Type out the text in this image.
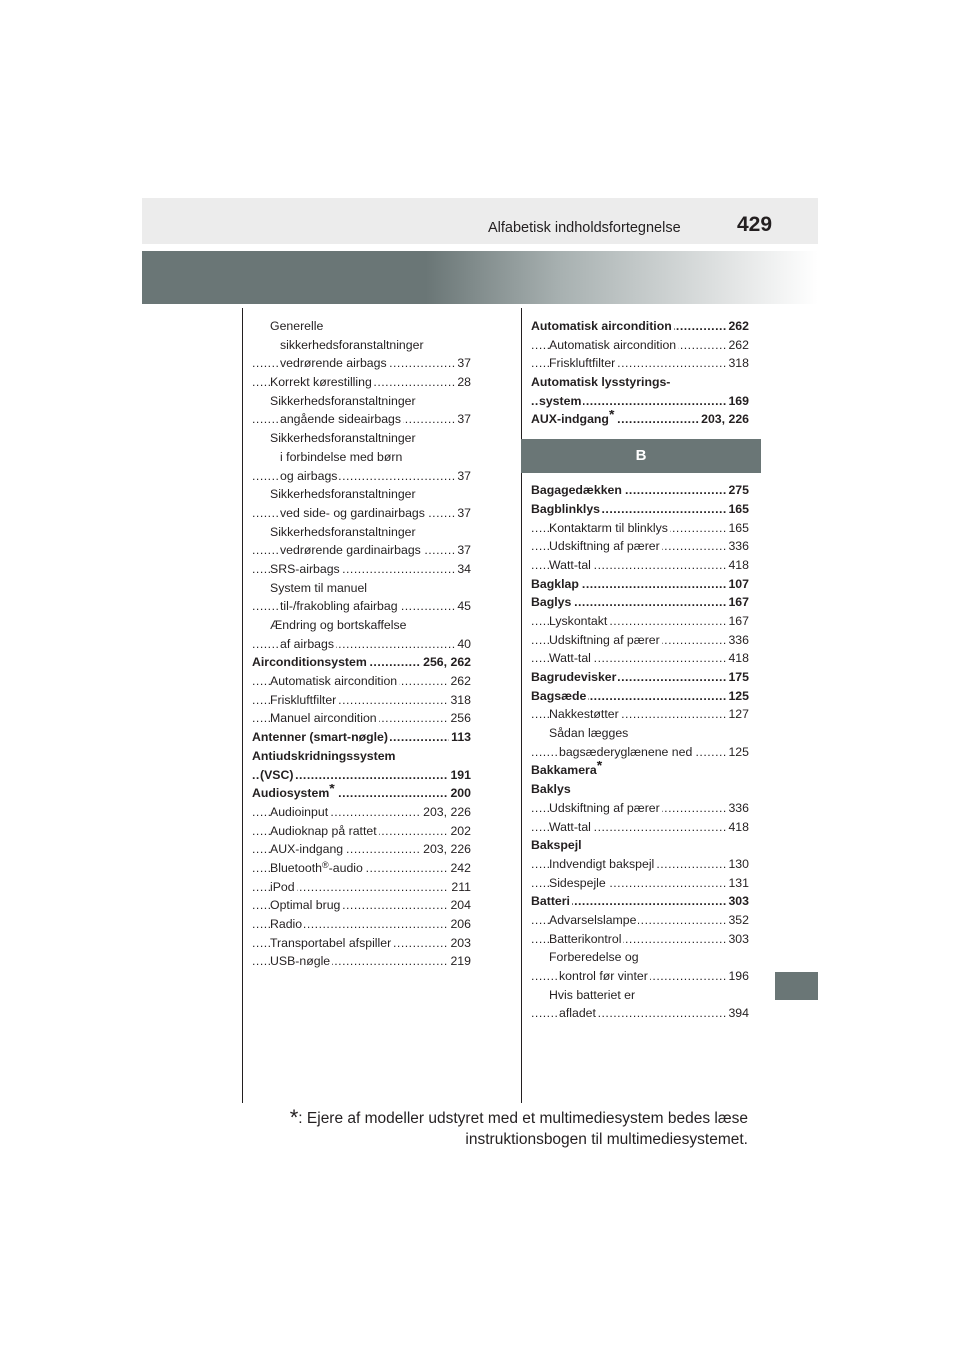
Alfabetisk indholdsfortegnelse	429
Generelle
sikkerhedsforanstaltninger
vedrørende airbags	37
.....
Korrekt kørestilling	28
.....
Sikkerhedsforanstaltninger
angående sideairbags	37
.....
Sikkerhedsforanstaltninger
i forbindelse med børn
og airbags	37
.....
Sikkerhedsforanstaltninger
ved side- og gardinairbags	37
.....
Sikkerhedsforanstaltninger
vedrørende gardinairbags	37
.....
SRS-airbags	34
.....
System til manuel
til-/frakobling afairbag	45
.....
Ændring og bortskaffelse
af airbags	40
.....
Airconditionsystem	256, 262
.....
Automatisk aircondition	262
.....
Friskluftfilter	318
.....
Manuel aircondition	256
.....
Antenner (smart-nøgle)	113
.....
Antiudskridningssystem
(VSC)	191
.....
Audiosystem*	200
.....
Audioinput	203, 226
.....
Audioknap på rattet	202
.....
AUX-indgang	203, 226
.....
Bluetooth®-audio	242
.....
iPod	211
.....
Optimal brug	204
.....
Radio	206
.....
Transportabel afspiller	203
.....
USB-nøgle	219
.....
Automatisk aircondition	262
.....
Automatisk aircondition	262
.....
Friskluftfilter	318
.....
Automatisk lysstyrings-
system	169
.....
AUX-indgang*	203, 226
.....
B
Bagagedækken	275
.....
Bagblinklys	165
.....
Kontaktarm til blinklys	165
.....
Udskiftning af pærer	336
.....
Watt-tal	418
.....
Bagklap	107
.....
Baglys	167
.....
Lyskontakt	167
.....
Udskiftning af pærer	336
.....
Watt-tal	418
.....
Bagrudevisker	175
.....
Bagsæde	125
.....
Nakkestøtter	127
.....
Sådan lægges
bagsæderyglænene ned	125
.....
Bakkamera*
Baklys
Udskiftning af pærer	336
.....
Watt-tal	418
.....
Bakspejl
Indvendigt bakspejl	130
.....
Sidespejle	131
.....
Batteri	303
.....
Advarselslampe	352
.....
Batterikontrol	303
.....
Forberedelse og
kontrol før vinter	196
.....
Hvis batteriet er
afladet	394
.....
*: Ejere af modeller udstyret med et multimediesystem bedes læse
instruktionsbogen til multimediesystemet.
